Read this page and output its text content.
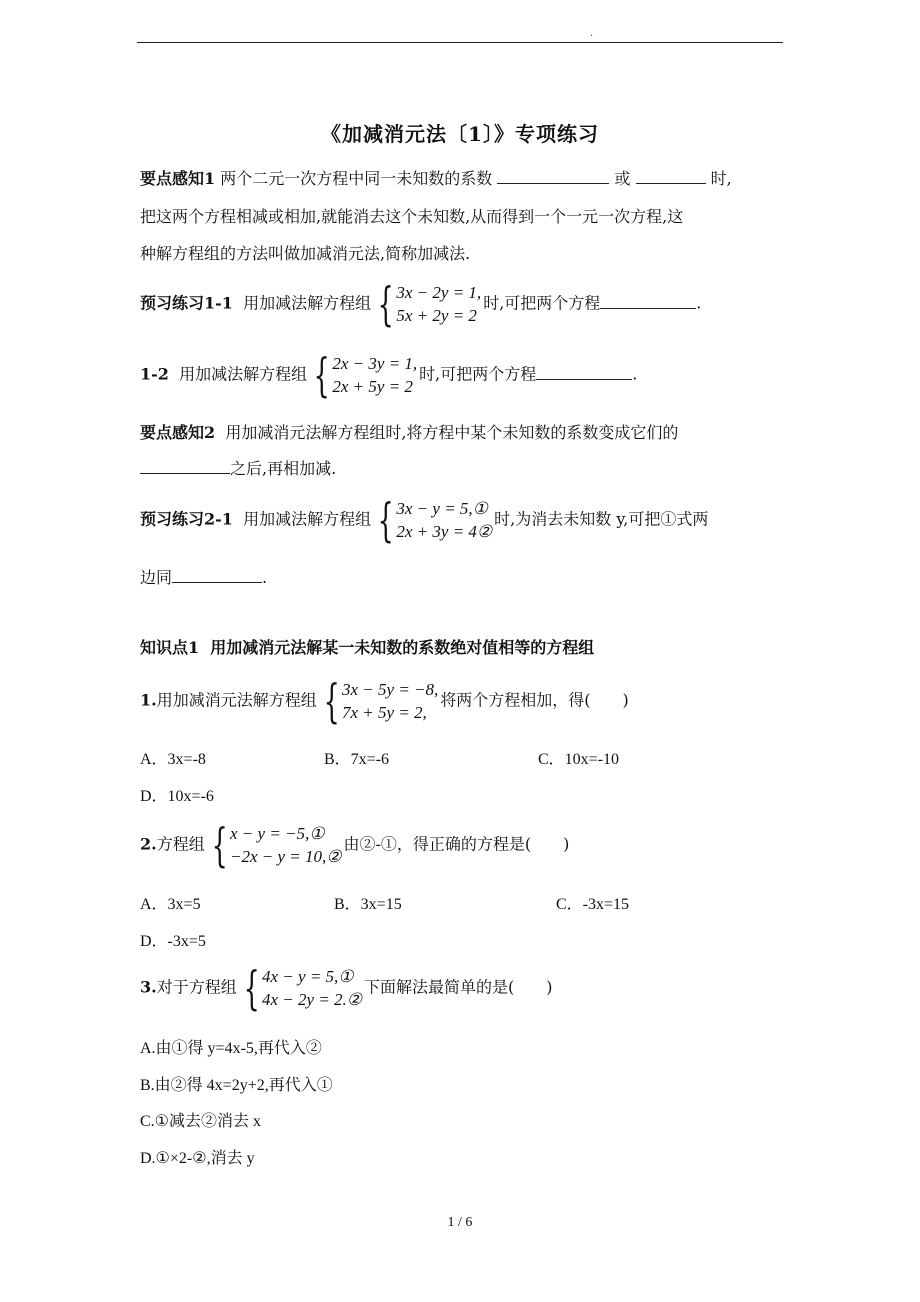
.
《加减消元法〔1〕》专项练习
要点感知1 两个二元一次方程中同一未知数的系数	或	时,
把这两个方程相减或相加,就能消去这个未知数,从而得到一个一元一次方程,这
种解方程组的方法叫做加减消元法,简称加减法.
预习练习1-1 用加减法解方程组 { 3x − 2y = 1,
5x + 2y = 2
时,可把两个方程	.
1-2 用加减法解方程组 { 2x − 3y = 1,
2x + 5y = 2
时,可把两个方程	.
要点感知2 用加减消元法解方程组时,将方程中某个未知数的系数变成它们的
之后,再相加减.
预习练习2-1 用加减法解方程组 { 3x − y = 5,①
2x + 3y = 4②
时,为消去未知数 y,可把①式两
边同	.
知识点1 用加减消元法解某一未知数的系数绝对值相等的方程组
1.用加减消元法解方程组 { 3x − 5y = −8,
7x + 5y = 2,
将两个方程相加，得(　　)
A．3x=-8	B．7x=-6	C．10x=-10
D．10x=-6
2.方程组 { x − y = −5,①
−2x − y = 10,②
由②-①，得正确的方程是(　　)
A．3x=5	B．3x=15	C．-3x=15
D．-3x=5
3.对于方程组 { 4x − y = 5,①
4x − 2y = 2.②
下面解法最简单的是(　　)
A.由①得 y=4x-5,再代入②
B.由②得 4x=2y+2,再代入①
C.①减去②消去 x
D.①×2-②,消去 y
1 / 6
